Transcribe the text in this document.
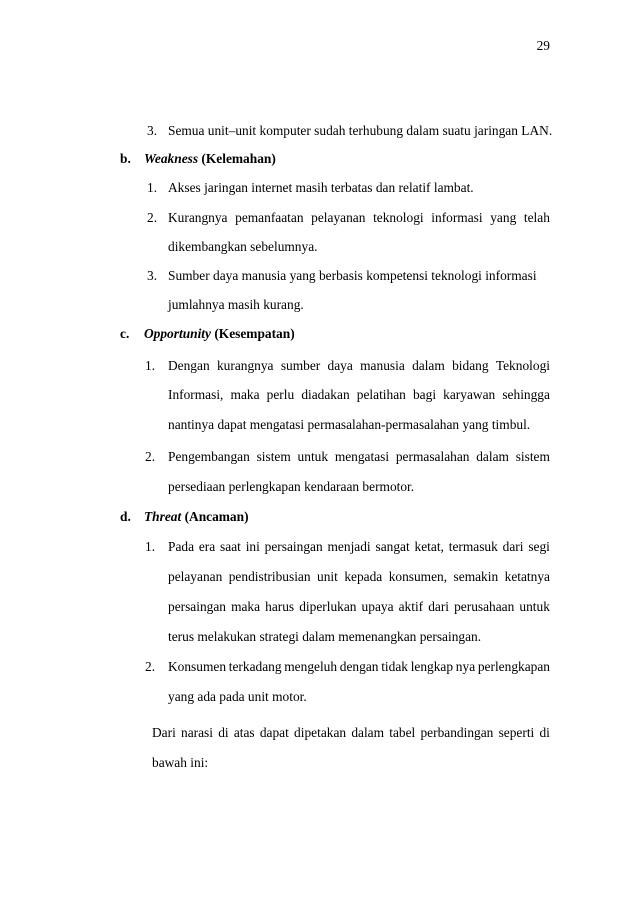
29
3. Semua unit–unit komputer sudah terhubung dalam suatu jaringan LAN.
b. Weakness (Kelemahan)
1. Akses jaringan internet masih terbatas dan relatif lambat.
2. Kurangnya pemanfaatan pelayanan teknologi informasi yang telah
dikembangkan sebelumnya.
3. Sumber daya manusia yang berbasis kompetensi teknologi informasi
jumlahnya masih kurang.
c. Opportunity (Kesempatan)
1. Dengan kurangnya sumber daya manusia dalam bidang Teknologi
Informasi, maka perlu diadakan pelatihan bagi karyawan sehingga
nantinya dapat mengatasi permasalahan-permasalahan yang timbul.
2. Pengembangan sistem untuk mengatasi permasalahan dalam sistem
persediaan perlengkapan kendaraan bermotor.
d. Threat (Ancaman)
1. Pada era saat ini persaingan menjadi sangat ketat, termasuk dari segi
pelayanan pendistribusian unit kepada konsumen, semakin ketatnya
persaingan maka harus diperlukan upaya aktif dari perusahaan untuk
terus melakukan strategi dalam memenangkan persaingan.
2. Konsumen terkadang mengeluh dengan tidak lengkap nya perlengkapan
yang ada pada unit motor.
Dari narasi di atas dapat dipetakan dalam tabel perbandingan seperti di
bawah ini:
